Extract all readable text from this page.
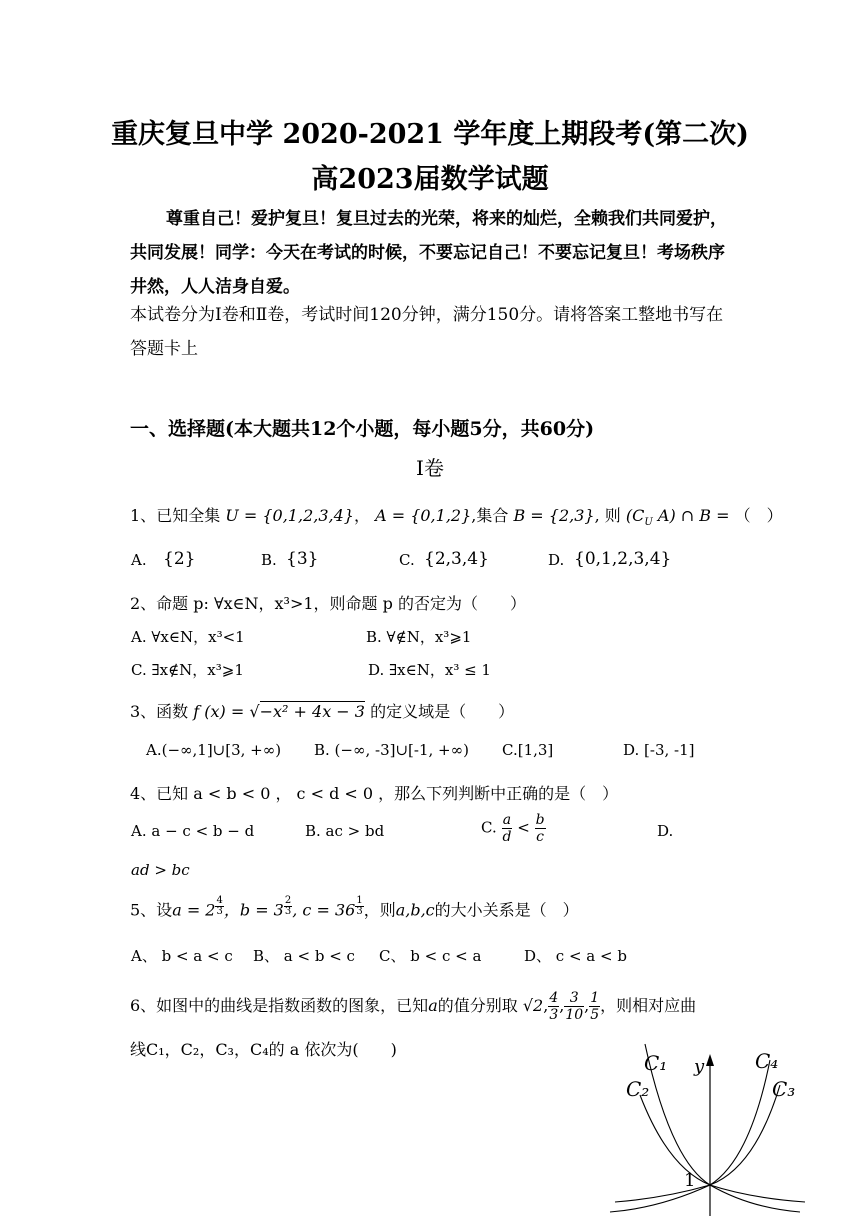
重庆复旦中学 2020-2021 学年度上期段考(第二次)
高2023届数学试题
尊重自己！爱护复旦！复旦过去的光荣，将来的灿烂，全赖我们共同爱护，共同发展！同学：今天在考试的时候，不要忘记自己！不要忘记复旦！考场秩序井然，人人洁身自爱。
本试卷分为I卷和Ⅱ卷，考试时间120分钟，满分150分。请将答案工整地书写在答题卡上
一、选择题(本大题共12个小题，每小题5分，共60分)
Ⅰ卷
1、已知全集 U = {0,1,2,3,4}， A = {0,1,2},集合 B = {2,3}, 则 ($C_U$ A) ∩ B = （　）
A. {2}	B. {3}	C. {2,3,4}	D. {0,1,2,3,4}
2、命题 p: ∀x∈N，x³>1，则命题 p 的否定为（　　）
A. ∀x∈N，x³<1	B. ∀∉N，x³⩾1
C. ∃x∉N，x³⩾1	D. ∃x∈N，x³ ≤ 1
3、函数 f (x) = √−x² + 4x − 3 的定义域是（　　）
A.(−∞,1]∪[3, +∞) B. (−∞, -3]∪[-1, +∞) C.[1,3]	D. [-3, -1]
4、已知 a < b < 0 ， c < d < 0 ，那么下列判断中正确的是（　）
A. a − c < b − d	B. ac > bd	C. $\frac{a}{d} < \frac{b}{c}$	D.
ad > bc
5、设a = 2 $^{\frac{4}{3}}$ ，b = 3 $^{\frac{2}{3}}$ , c = 36 $^{\frac{1}{3}}$ ，则a,b,c的大小关系是（　）
A、 b < a < c B、 a < b < c C、 b < c < a	D、 c < a < b
6、如图中的曲线是指数函数的图象，已知a的值分别取 √2, $\frac{4}{3}$ , $\frac{3}{10}$ , $\frac{1}{5}$ ，则相对应曲
线C₁，C₂，C₃，C₄的 a 依次为(　　)
C₁
C₂
C₄
C₃
y
1
